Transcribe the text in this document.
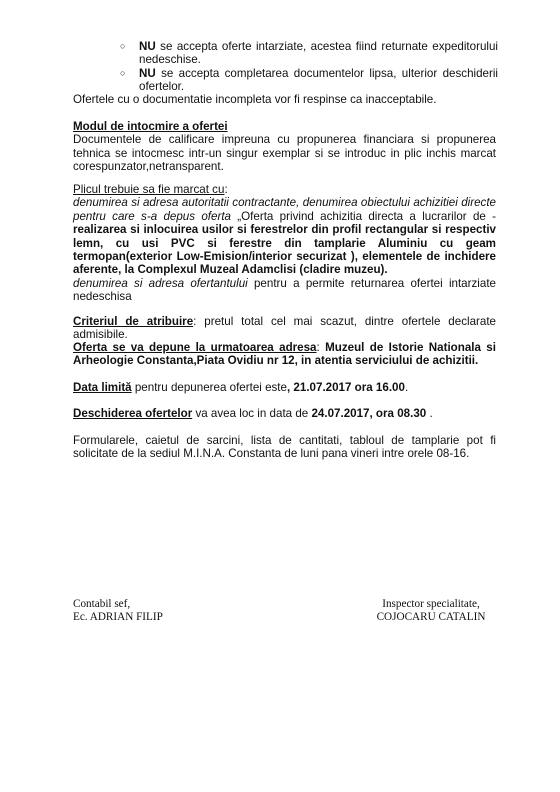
○ NU se accepta oferte intarziate, acestea fiind returnate expeditorului nedeschise.
○ NU se accepta completarea documentelor lipsa, ulterior deschiderii ofertelor.
Ofertele cu o documentatie incompleta vor fi respinse ca inacceptabile.
Modul de intocmire a ofertei
Documentele de calificare impreuna cu propunerea financiara si propunerea tehnica se intocmesc intr-un singur exemplar si se introduc in plic inchis marcat corespunzator,netransparent.
Plicul trebuie sa fie marcat cu:
denumirea si adresa autoritatii contractante, denumirea obiectului achizitiei directe pentru care s-a depus oferta „Oferta privind achizitia directa a lucrarilor de - realizarea si inlocuirea usilor si ferestrelor din profil rectangular si respectiv lemn, cu usi PVC si ferestre din tamplarie Aluminiu cu geam termopan(exterior Low-Emision/interior securizat ), elementele de inchidere aferente, la Complexul Muzeal Adamclisi (cladire muzeu).
denumirea si adresa ofertantului pentru a permite returnarea ofertei intarziate nedeschisa
Criteriul de atribuire: pretul total cel mai scazut, dintre ofertele declarate admisibile.
Oferta se va depune la urmatoarea adresa: Muzeul de Istorie Nationala si Arheologie Constanta,Piata Ovidiu nr 12, in atentia serviciului de achizitii.
Data limită pentru depunerea ofertei este, 21.07.2017 ora 16.00.
Deschiderea ofertelor va avea loc in data de 24.07.2017, ora 08.30 .
Formularele, caietul de sarcini, lista de cantitati, tabloul de tamplarie pot fi solicitate de la sediul M.I.N.A. Constanta de luni pana vineri intre orele 08-16.
Contabil sef,
Ec. ADRIAN FILIP
Inspector specialitate,
COJOCARU CATALIN
